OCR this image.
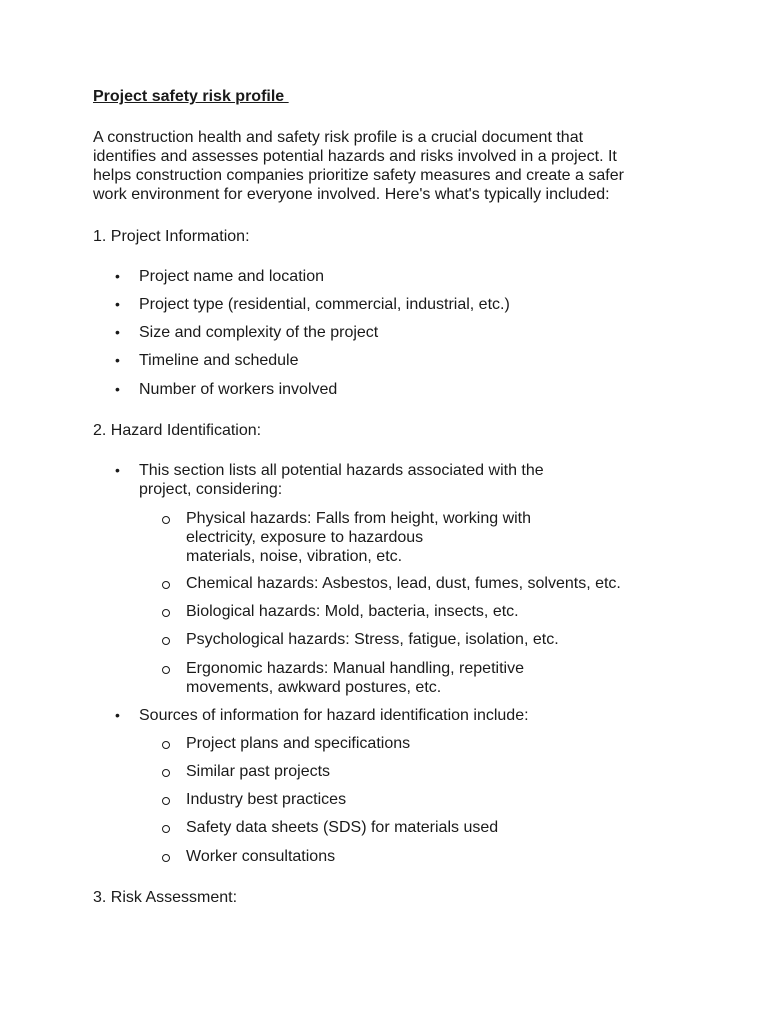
Project safety risk profile
A construction health and safety risk profile is a crucial document that
identifies and assesses potential hazards and risks involved in a project. It
helps construction companies prioritize safety measures and create a safer
work environment for everyone involved. Here's what's typically included:
1. Project Information:
• Project name and location
• Project type (residential, commercial, industrial, etc.)
• Size and complexity of the project
• Timeline and schedule
• Number of workers involved
2. Hazard Identification:
• This section lists all potential hazards associated with the
project, considering:
Physical hazards: Falls from height, working with
electricity, exposure to hazardous
materials, noise, vibration, etc.
Chemical hazards: Asbestos, lead, dust, fumes, solvents, etc.
Biological hazards: Mold, bacteria, insects, etc.
Psychological hazards: Stress, fatigue, isolation, etc.
Ergonomic hazards: Manual handling, repetitive
movements, awkward postures, etc.
• Sources of information for hazard identification include:
Project plans and specifications
Similar past projects
Industry best practices
Safety data sheets (SDS) for materials used
Worker consultations
3. Risk Assessment:
